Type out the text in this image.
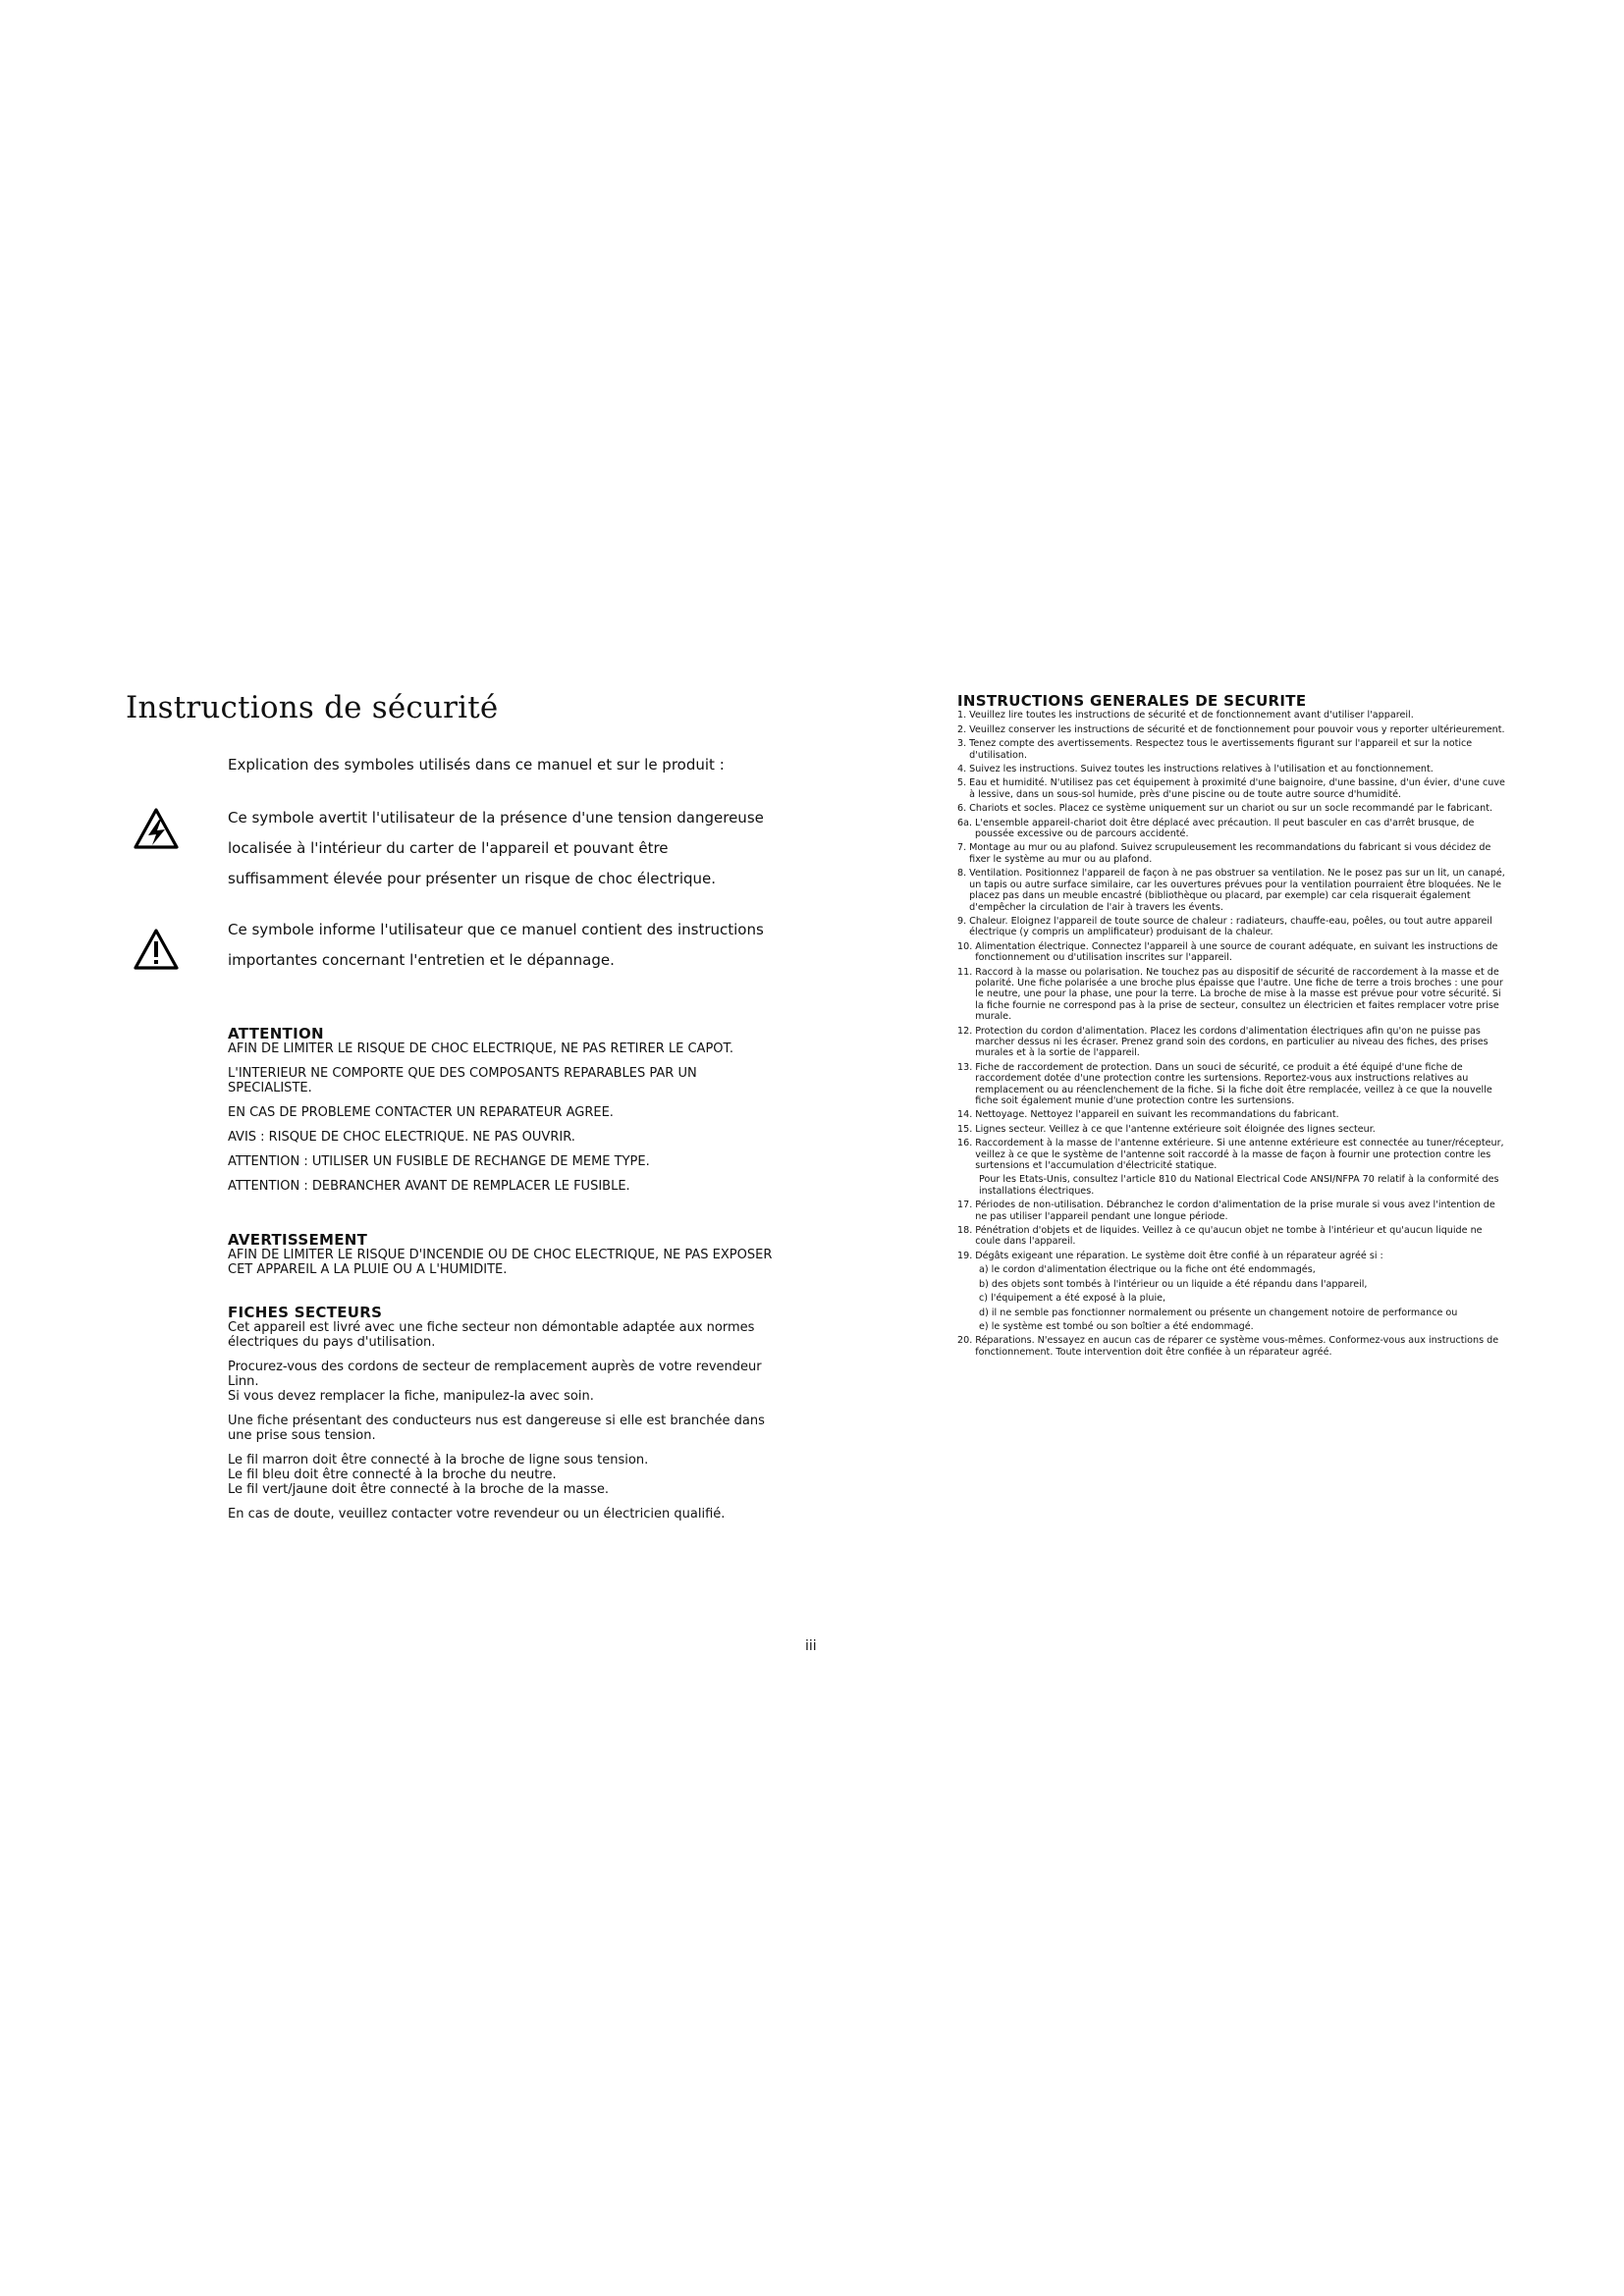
Instructions de sécurité

Explication des symboles utilisés dans ce manuel et sur le produit :

Ce symbole avertit l'utilisateur de la présence d'une tension dangereuse
localisée à l'intérieur du carter de l'appareil et pouvant être
suffisamment élevée pour présenter un risque de choc électrique.
Ce symbole informe l'utilisateur que ce manuel contient des instructions
importantes concernant l'entretien et le dépannage.
ATTENTION

AFIN DE LIMITER LE RISQUE DE CHOC ELECTRIQUE, NE PAS RETIRER LE CAPOT.

L'INTERIEUR NE COMPORTE QUE DES COMPOSANTS REPARABLES PAR UN SPECIALISTE.

EN CAS DE PROBLEME CONTACTER UN REPARATEUR AGREE.

AVIS : RISQUE DE CHOC ELECTRIQUE. NE PAS OUVRIR.

ATTENTION : UTILISER UN FUSIBLE DE RECHANGE DE MEME TYPE.

ATTENTION : DEBRANCHER AVANT DE REMPLACER LE FUSIBLE.

AVERTISSEMENT

AFIN DE LIMITER LE RISQUE D'INCENDIE OU DE CHOC ELECTRIQUE, NE PAS EXPOSER CET APPAREIL A LA PLUIE OU A L'HUMIDITE.

FICHES SECTEURS

Cet appareil est livré avec une fiche secteur non démontable adaptée aux normes électriques du pays d'utilisation.

Procurez-vous des cordons de secteur de remplacement auprès de votre revendeur Linn.

Si vous devez remplacer la fiche, manipulez-la avec soin.

Une fiche présentant des conducteurs nus est dangereuse si elle est branchée dans une prise sous tension.

Le fil marron doit être connecté à la broche de ligne sous tension.

Le fil bleu doit être connecté à la broche du neutre.

Le fil vert/jaune doit être connecté à la broche de la masse.

En cas de doute, veuillez contacter votre revendeur ou un électricien qualifié.

INSTRUCTIONS GENERALES DE SECURITE
1. Veuillez lire toutes les instructions de sécurité et de fonctionnement avant d'utiliser l'appareil.
2. Veuillez conserver les instructions de sécurité et de fonctionnement pour pouvoir vous y reporter ultérieurement.
3. Tenez compte des avertissements. Respectez tous le avertissements figurant sur l'appareil et sur la notice d'utilisation.
4. Suivez les instructions. Suivez toutes les instructions relatives à l'utilisation et au fonctionnement.
5. Eau et humidité. N'utilisez pas cet équipement à proximité d'une baignoire, d'une bassine, d'un évier, d'une cuve à lessive, dans un sous-sol humide, près d'une piscine ou de toute autre source d'humidité.
6. Chariots et socles. Placez ce système uniquement sur un chariot ou sur un socle recommandé par le fabricant.
6a. L'ensemble appareil-chariot doit être déplacé avec précaution. Il peut basculer en cas d'arrêt brusque, de poussée excessive ou de parcours accidenté.
7. Montage au mur ou au plafond. Suivez scrupuleusement les recommandations du fabricant si vous décidez de fixer le système au mur ou au plafond.
8. Ventilation. Positionnez l'appareil de façon à ne pas obstruer sa ventilation. Ne le posez pas sur un lit, un canapé, un tapis ou autre surface similaire, car les ouvertures prévues pour la ventilation pourraient être bloquées. Ne le placez pas dans un meuble encastré (bibliothèque ou placard, par exemple) car cela risquerait également d'empêcher la circulation de l'air à travers les évents.
9. Chaleur. Eloignez l'appareil de toute source de chaleur : radiateurs, chauffe-eau, poêles, ou tout autre appareil électrique (y compris un amplificateur) produisant de la chaleur.
10. Alimentation électrique. Connectez l'appareil à une source de courant adéquate, en suivant les instructions de fonctionnement ou d'utilisation inscrites sur l'appareil.
11. Raccord à la masse ou polarisation. Ne touchez pas au dispositif de sécurité de raccordement à la masse et de polarité. Une fiche polarisée a une broche plus épaisse que l'autre. Une fiche de terre a trois broches : une pour le neutre, une pour la phase, une pour la terre. La broche de mise à la masse est prévue pour votre sécurité. Si la fiche fournie ne correspond pas à la prise de secteur, consultez un électricien et faites remplacer votre prise murale.
12. Protection du cordon d'alimentation. Placez les cordons d'alimentation électriques afin qu'on ne puisse pas marcher dessus ni les écraser. Prenez grand soin des cordons, en particulier au niveau des fiches, des prises murales et à la sortie de l'appareil.
13. Fiche de raccordement de protection. Dans un souci de sécurité, ce produit a été équipé d'une fiche de raccordement dotée d'une protection contre les surtensions. Reportez-vous aux instructions relatives au remplacement ou au réenclenchement de la fiche. Si la fiche doit être remplacée, veillez à ce que la nouvelle fiche soit également munie d'une protection contre les surtensions.
14. Nettoyage. Nettoyez l'appareil en suivant les recommandations du fabricant.
15. Lignes secteur. Veillez à ce que l'antenne extérieure soit éloignée des lignes secteur.
16. Raccordement à la masse de l'antenne extérieure. Si une antenne extérieure est connectée au tuner/récepteur, veillez à ce que le système de l'antenne soit raccordé à la masse de façon à fournir une protection contre les surtensions et l'accumulation d'électricité statique.
Pour les Etats-Unis, consultez l'article 810 du National Electrical Code ANSI/NFPA 70 relatif à la conformité des installations électriques.
17. Périodes de non-utilisation. Débranchez le cordon d'alimentation de la prise murale si vous avez l'intention de ne pas utiliser l'appareil pendant une longue période.
18. Pénétration d'objets et de liquides. Veillez à ce qu'aucun objet ne tombe à l'intérieur et qu'aucun liquide ne coule dans l'appareil.
19. Dégâts exigeant une réparation. Le système doit être confié à un réparateur agréé si :
a) le cordon d'alimentation électrique ou la fiche ont été endommagés,
b) des objets sont tombés à l'intérieur ou un liquide a été répandu dans l'appareil,
c) l'équipement a été exposé à la pluie,
d) il ne semble pas fonctionner normalement ou présente un changement notoire de performance ou
e) le système est tombé ou son boîtier a été endommagé.
20. Réparations. N'essayez en aucun cas de réparer ce système vous-mêmes. Conformez-vous aux instructions de fonctionnement. Toute intervention doit être confiée à un réparateur agréé.
iii
